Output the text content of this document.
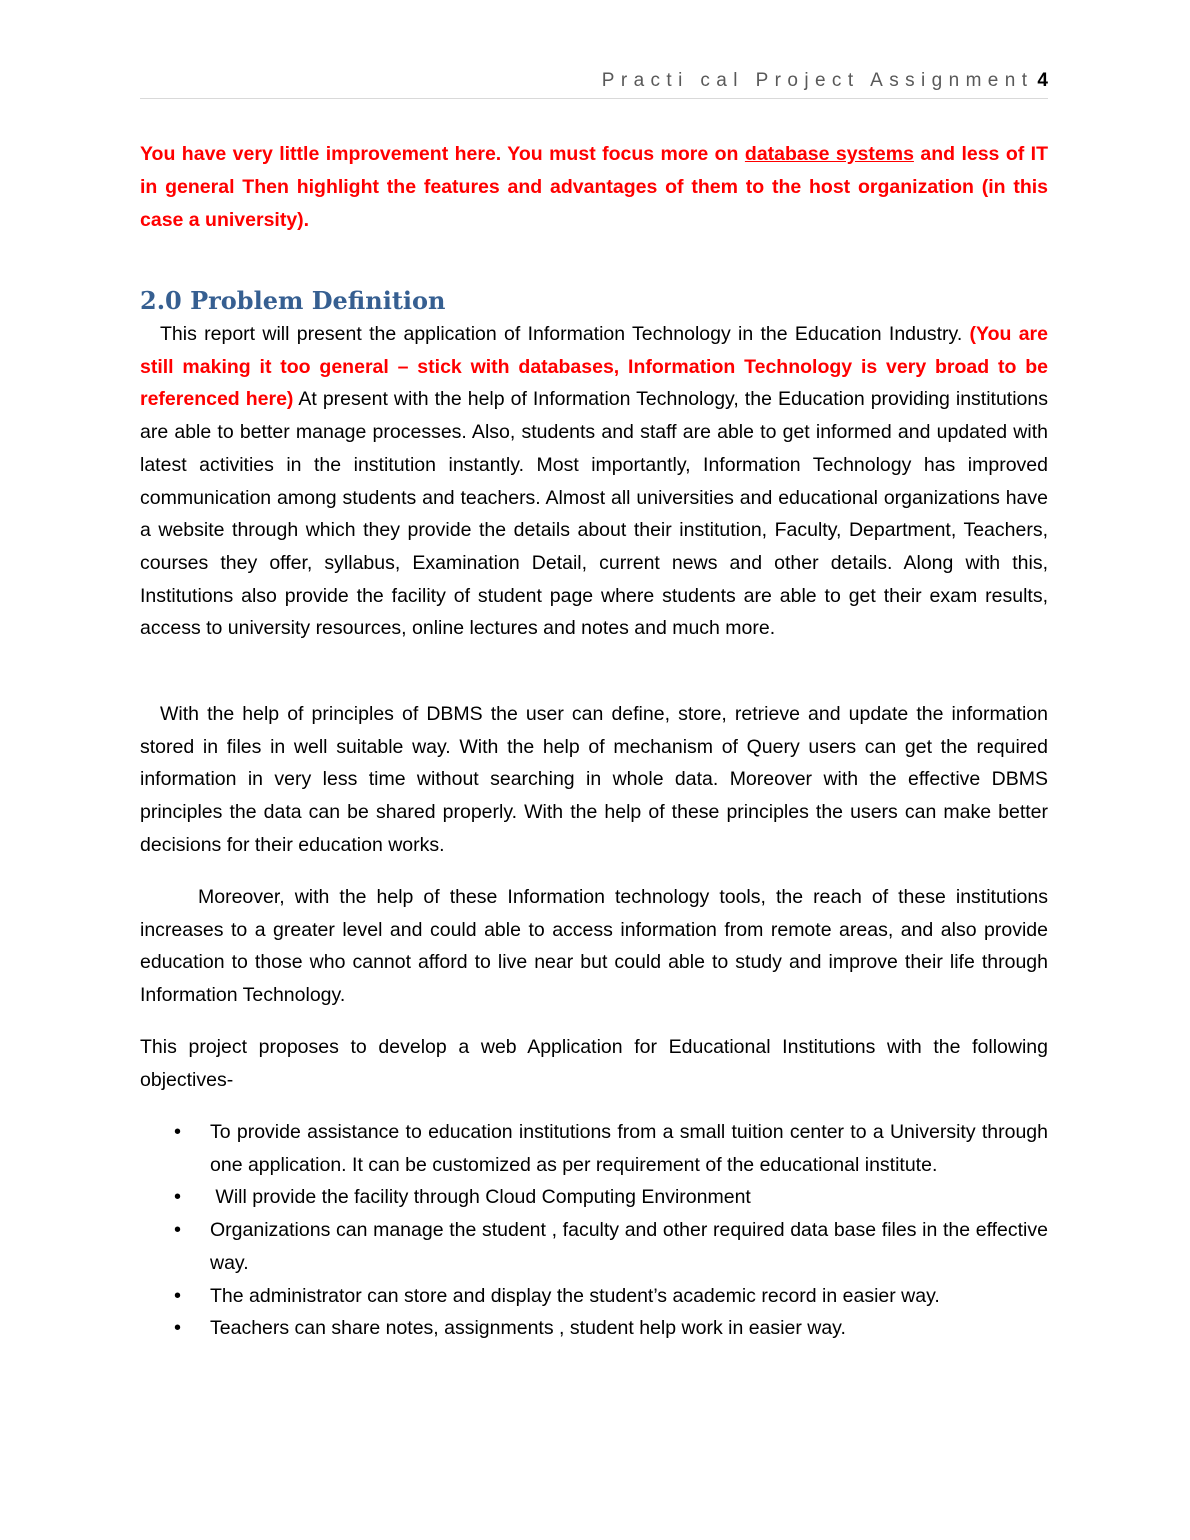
Practi cal Project Assignment 4

You have very little improvement here. You must focus more on database systems and less of IT in general Then highlight the features and advantages of them to the host organization (in this case a university).

2.0 Problem Definition

This report will present the application of Information Technology in the Education Industry. (You are still making it too general – stick with databases, Information Technology is very broad to be referenced here) At present with the help of Information Technology, the Education providing institutions are able to better manage processes. Also, students and staff are able to get informed and updated with latest activities in the institution instantly. Most importantly, Information Technology has improved communication among students and teachers. Almost all universities and educational organizations have a website through which they provide the details about their institution, Faculty, Department, Teachers, courses they offer, syllabus, Examination Detail, current news and other details. Along with this, Institutions also provide the facility of student page where students are able to get their exam results, access to university resources, online lectures and notes and much more.

With the help of principles of DBMS the user can define, store, retrieve and update the information stored in files in well suitable way. With the help of mechanism of Query users can get the required information in very less time without searching in whole data. Moreover with the effective DBMS principles the data can be shared properly. With the help of these principles the users can make better decisions for their education works.

Moreover, with the help of these Information technology tools, the reach of these institutions increases to a greater level and could able to access information from remote areas, and also provide education to those who cannot afford to live near but could able to study and improve their life through Information Technology.

This project proposes to develop a web Application for Educational Institutions with the following objectives-

• To provide assistance to education institutions from a small tuition center to a University through one application. It can be customized as per requirement of the educational institute.
• Will provide the facility through Cloud Computing Environment
• Organizations can manage the student , faculty and other required data base files in the effective way.
• The administrator can store and display the student’s academic record in easier way.
• Teachers can share notes, assignments , student help work in easier way.
